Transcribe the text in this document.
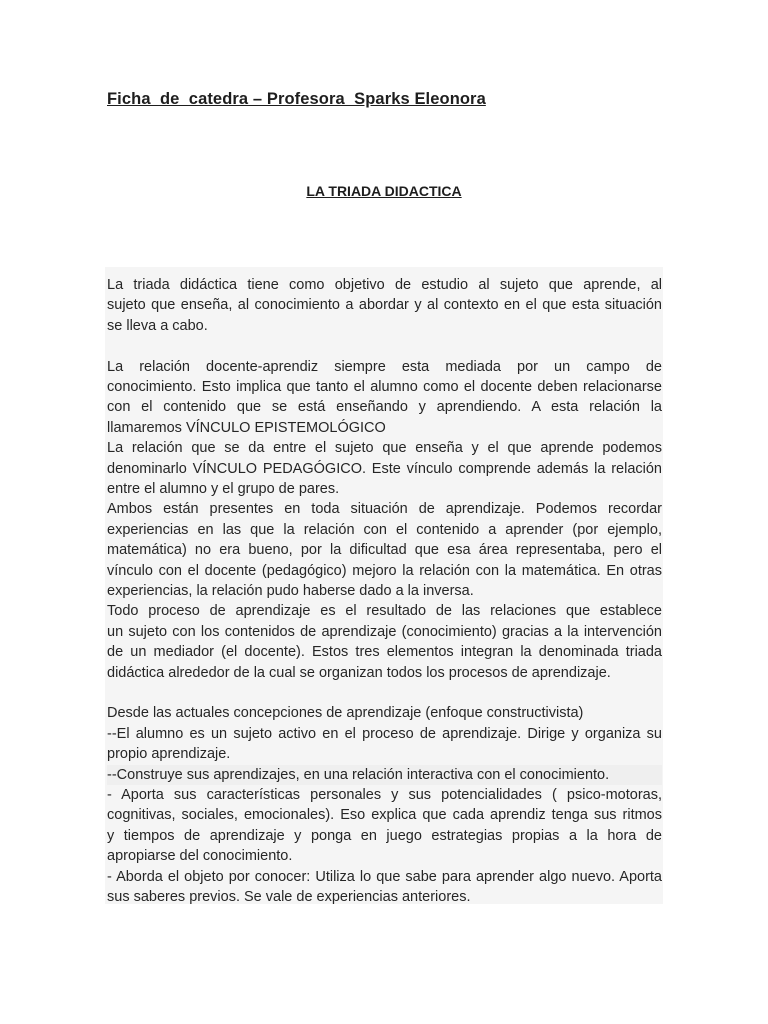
Ficha  de  catedra – Profesora  Sparks Eleonora
LA TRIADA DIDACTICA
La triada didáctica tiene como objetivo de estudio al sujeto que aprende, al
sujeto que enseña, al conocimiento a abordar y al contexto en el que esta situación
se lleva a cabo.
La relación docente-aprendiz siempre esta mediada por un campo de
conocimiento. Esto implica que tanto el alumno como el docente deben relacionarse
con el contenido que se está enseñando y aprendiendo. A esta relación la
llamaremos VÍNCULO EPISTEMOLÓGICO
La relación que se da entre el sujeto que enseña y el que aprende podemos
denominarlo VÍNCULO PEDAGÓGICO. Este vínculo comprende además la relación
entre el alumno y el grupo de pares.
Ambos están presentes en toda situación de aprendizaje. Podemos recordar
experiencias en las que la relación con el contenido a aprender (por ejemplo,
matemática) no era bueno, por la dificultad que esa área representaba, pero el
vínculo con el docente (pedagógico) mejoro la relación con la matemática. En otras
experiencias, la relación pudo haberse dado a la inversa.
Todo proceso de aprendizaje es el resultado de las relaciones que establece
un sujeto con los contenidos de aprendizaje (conocimiento) gracias a la intervención
de un mediador (el docente). Estos tres elementos integran la denominada triada
didáctica alrededor de la cual se organizan todos los procesos de aprendizaje.
Desde las actuales concepciones de aprendizaje (enfoque constructivista)
--El alumno es un sujeto activo en el proceso de aprendizaje. Dirige y organiza su
propio aprendizaje.
--Construye sus aprendizajes, en una relación interactiva con el conocimiento.
- Aporta sus características personales y sus potencialidades ( psico-motoras,
cognitivas, sociales, emocionales). Eso explica que cada aprendiz tenga sus ritmos
y tiempos de aprendizaje y ponga en juego estrategias propias a la hora de
apropiarse del conocimiento.
- Aborda el objeto por conocer: Utiliza lo que sabe para aprender algo nuevo. Aporta
sus saberes previos. Se vale de experiencias anteriores.
